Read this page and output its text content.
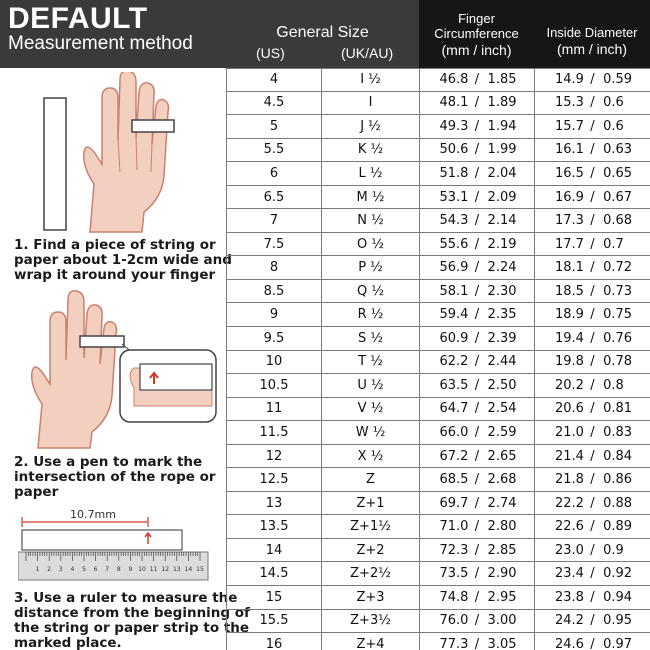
DEFAULT
Measurement method
1. Find a piece of string or
paper about 1-2cm wide and
wrap it around your finger
2. Use a pen to mark the
intersection of the rope or
paper
10.7mm
1 2 3 4 5 6 7 8 9 10 11 12 13 14 15
3. Use a ruler to measure the
distance from the beginning of
the string or paper strip to the
marked place.
General Size
(US)	(UK/AU)
Finger
Circumference
(mm / inch)
Inside Diameter
(mm / inch)
4	I ½	46.8 / 1.85	14.9 / 0.59
4.5	I	48.1 / 1.89	15.3 / 0.6
5	J ½	49.3 / 1.94	15.7 / 0.6
5.5	K ½	50.6 / 1.99	16.1 / 0.63
6	L ½	51.8 / 2.04	16.5 / 0.65
6.5	M ½	53.1 / 2.09	16.9 / 0.67
7	N ½	54.3 / 2.14	17.3 / 0.68
7.5	O ½	55.6 / 2.19	17.7 / 0.7
8	P ½	56.9 / 2.24	18.1 / 0.72
8.5	Q ½	58.1 / 2.30	18.5 / 0.73
9	R ½	59.4 / 2.35	18.9 / 0.75
9.5	S ½	60.9 / 2.39	19.4 / 0.76
10	T ½	62.2 / 2.44	19.8 / 0.78
10.5	U ½	63.5 / 2.50	20.2 / 0.8
11	V ½	64.7 / 2.54	20.6 / 0.81
11.5	W ½	66.0 / 2.59	21.0 / 0.83
12	X ½	67.2 / 2.65	21.4 / 0.84
12.5	Z	68.5 / 2.68	21.8 / 0.86
13	Z+1	69.7 / 2.74	22.2 / 0.88
13.5	Z+1½	71.0 / 2.80	22.6 / 0.89
14	Z+2	72.3 / 2.85	23.0 / 0.9
14.5	Z+2½	73.5 / 2.90	23.4 / 0.92
15	Z+3	74.8 / 2.95	23.8 / 0.94
15.5	Z+3½	76.0 / 3.00	24.2 / 0.95
16	Z+4	77.3 / 3.05	24.6 / 0.97
